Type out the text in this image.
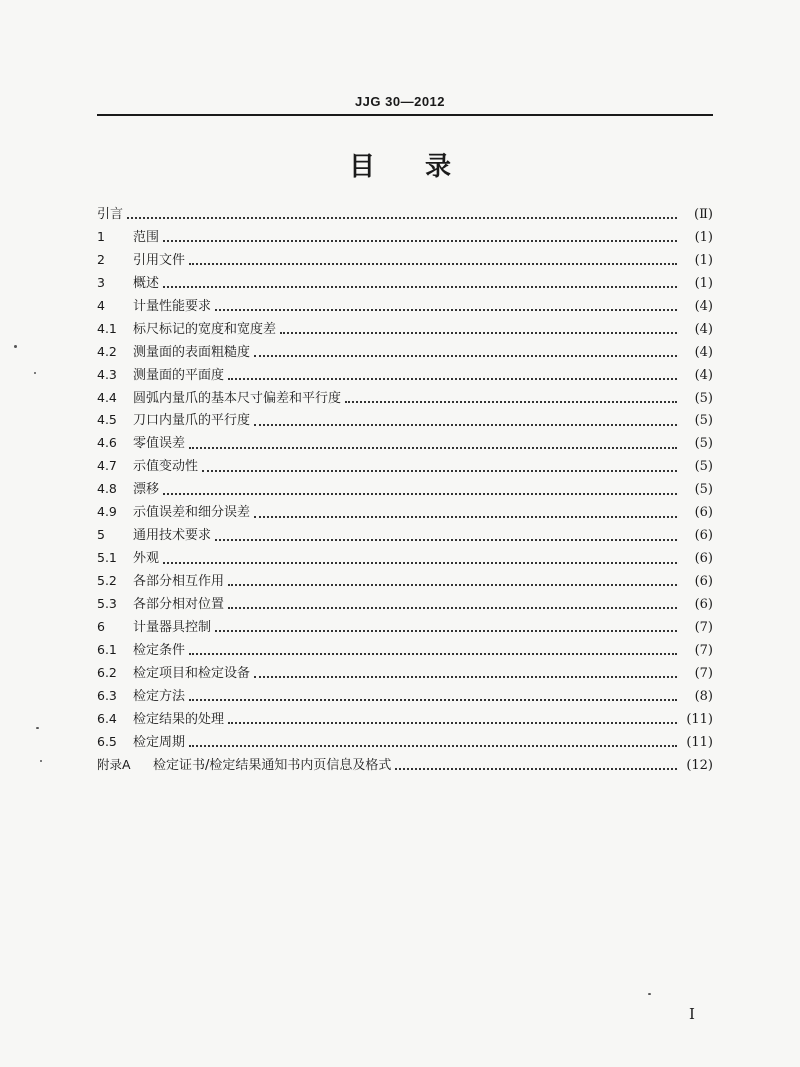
JJG 30—2012
目录
引言	(Ⅱ)
1	范围	(1)
2	引用文件	(1)
3	概述	(1)
4	计量性能要求	(4)
4.1	标尺标记的宽度和宽度差	(4)
4.2	测量面的表面粗糙度	(4)
4.3	测量面的平面度	(4)
4.4	圆弧内量爪的基本尺寸偏差和平行度	(5)
4.5	刀口内量爪的平行度	(5)
4.6	零值误差	(5)
4.7	示值变动性	(5)
4.8	漂移	(5)
4.9	示值误差和细分误差	(6)
5	通用技术要求	(6)
5.1	外观	(6)
5.2	各部分相互作用	(6)
5.3	各部分相对位置	(6)
6	计量器具控制	(7)
6.1	检定条件	(7)
6.2	检定项目和检定设备	(7)
6.3	检定方法	(8)
6.4	检定结果的处理	(11)
6.5	检定周期	(11)
附录A	检定证书/检定结果通知书内页信息及格式	(12)
Ⅰ
